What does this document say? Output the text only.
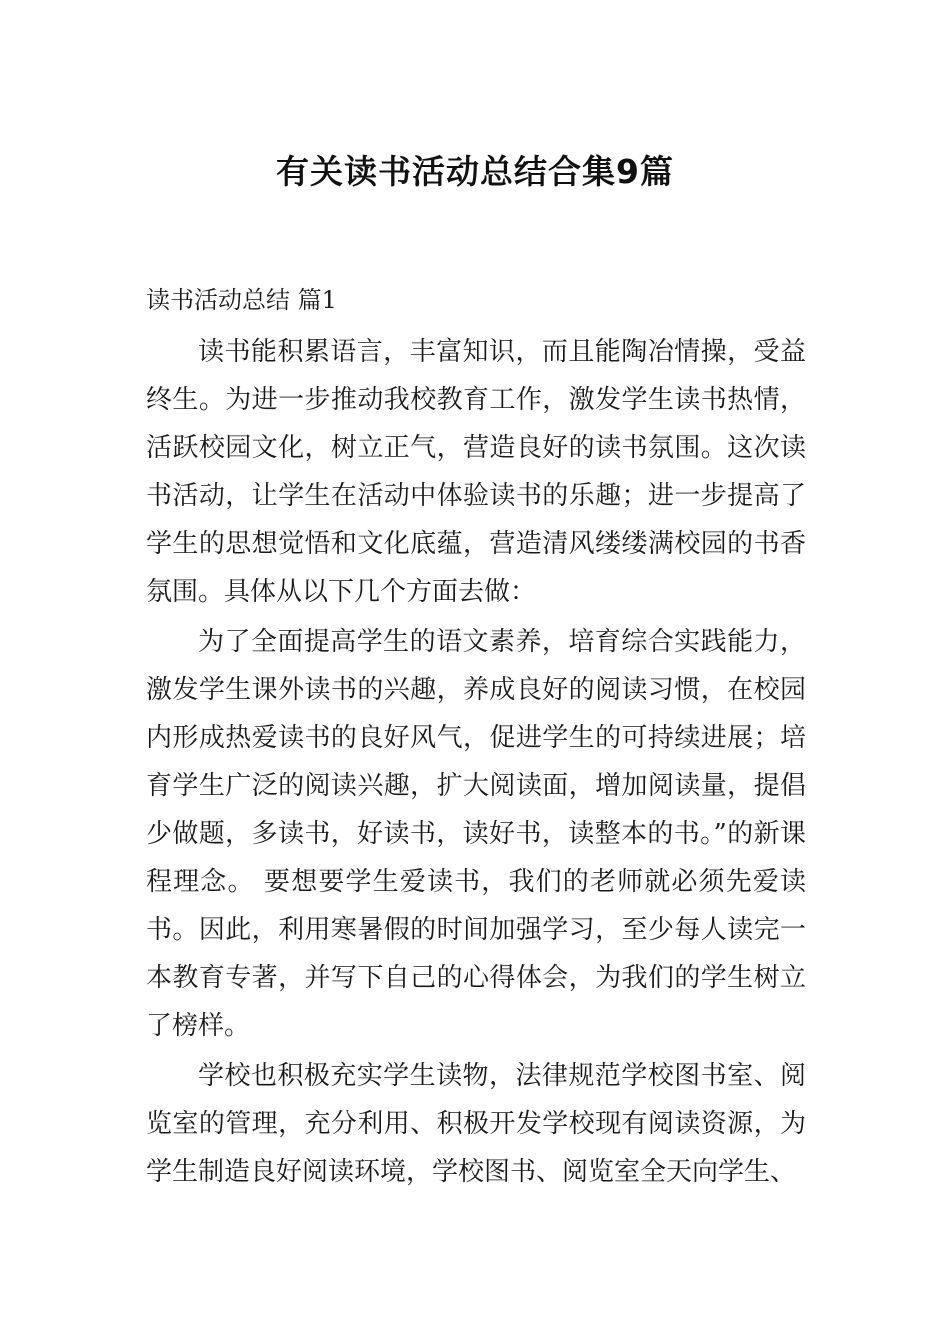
有关读书活动总结合集9篇
读书活动总结 篇1

读书能积累语言，丰富知识，而且能陶冶情操，受益终生。为进一步推动我校教育工作，激发学生读书热情，活跃校园文化，树立正气，营造良好的读书氛围。这次读书活动，让学生在活动中体验读书的乐趣；进一步提高了学生的思想觉悟和文化底蕴，营造清风缕缕满校园的书香氛围。具体从以下几个方面去做：

为了全面提高学生的语文素养，培育综合实践能力，激发学生课外读书的兴趣，养成良好的阅读习惯，在校园内形成热爱读书的良好风气，促进学生的可持续进展；培育学生广泛的阅读兴趣，扩大阅读面，增加阅读量，提倡少做题，多读书，好读书，读好书，读整本的书。”的新课程理念。 要想要学生爱读书，我们的老师就必须先爱读书。因此，利用寒暑假的时间加强学习，至少每人读完一本教育专著，并写下自己的心得体会，为我们的学生树立了榜样。

学校也积极充实学生读物，法律规范学校图书室、阅览室的管理，充分利用、积极开发学校现有阅读资源，为学生制造良好阅读环境，学校图书、阅览室全天向学生、
